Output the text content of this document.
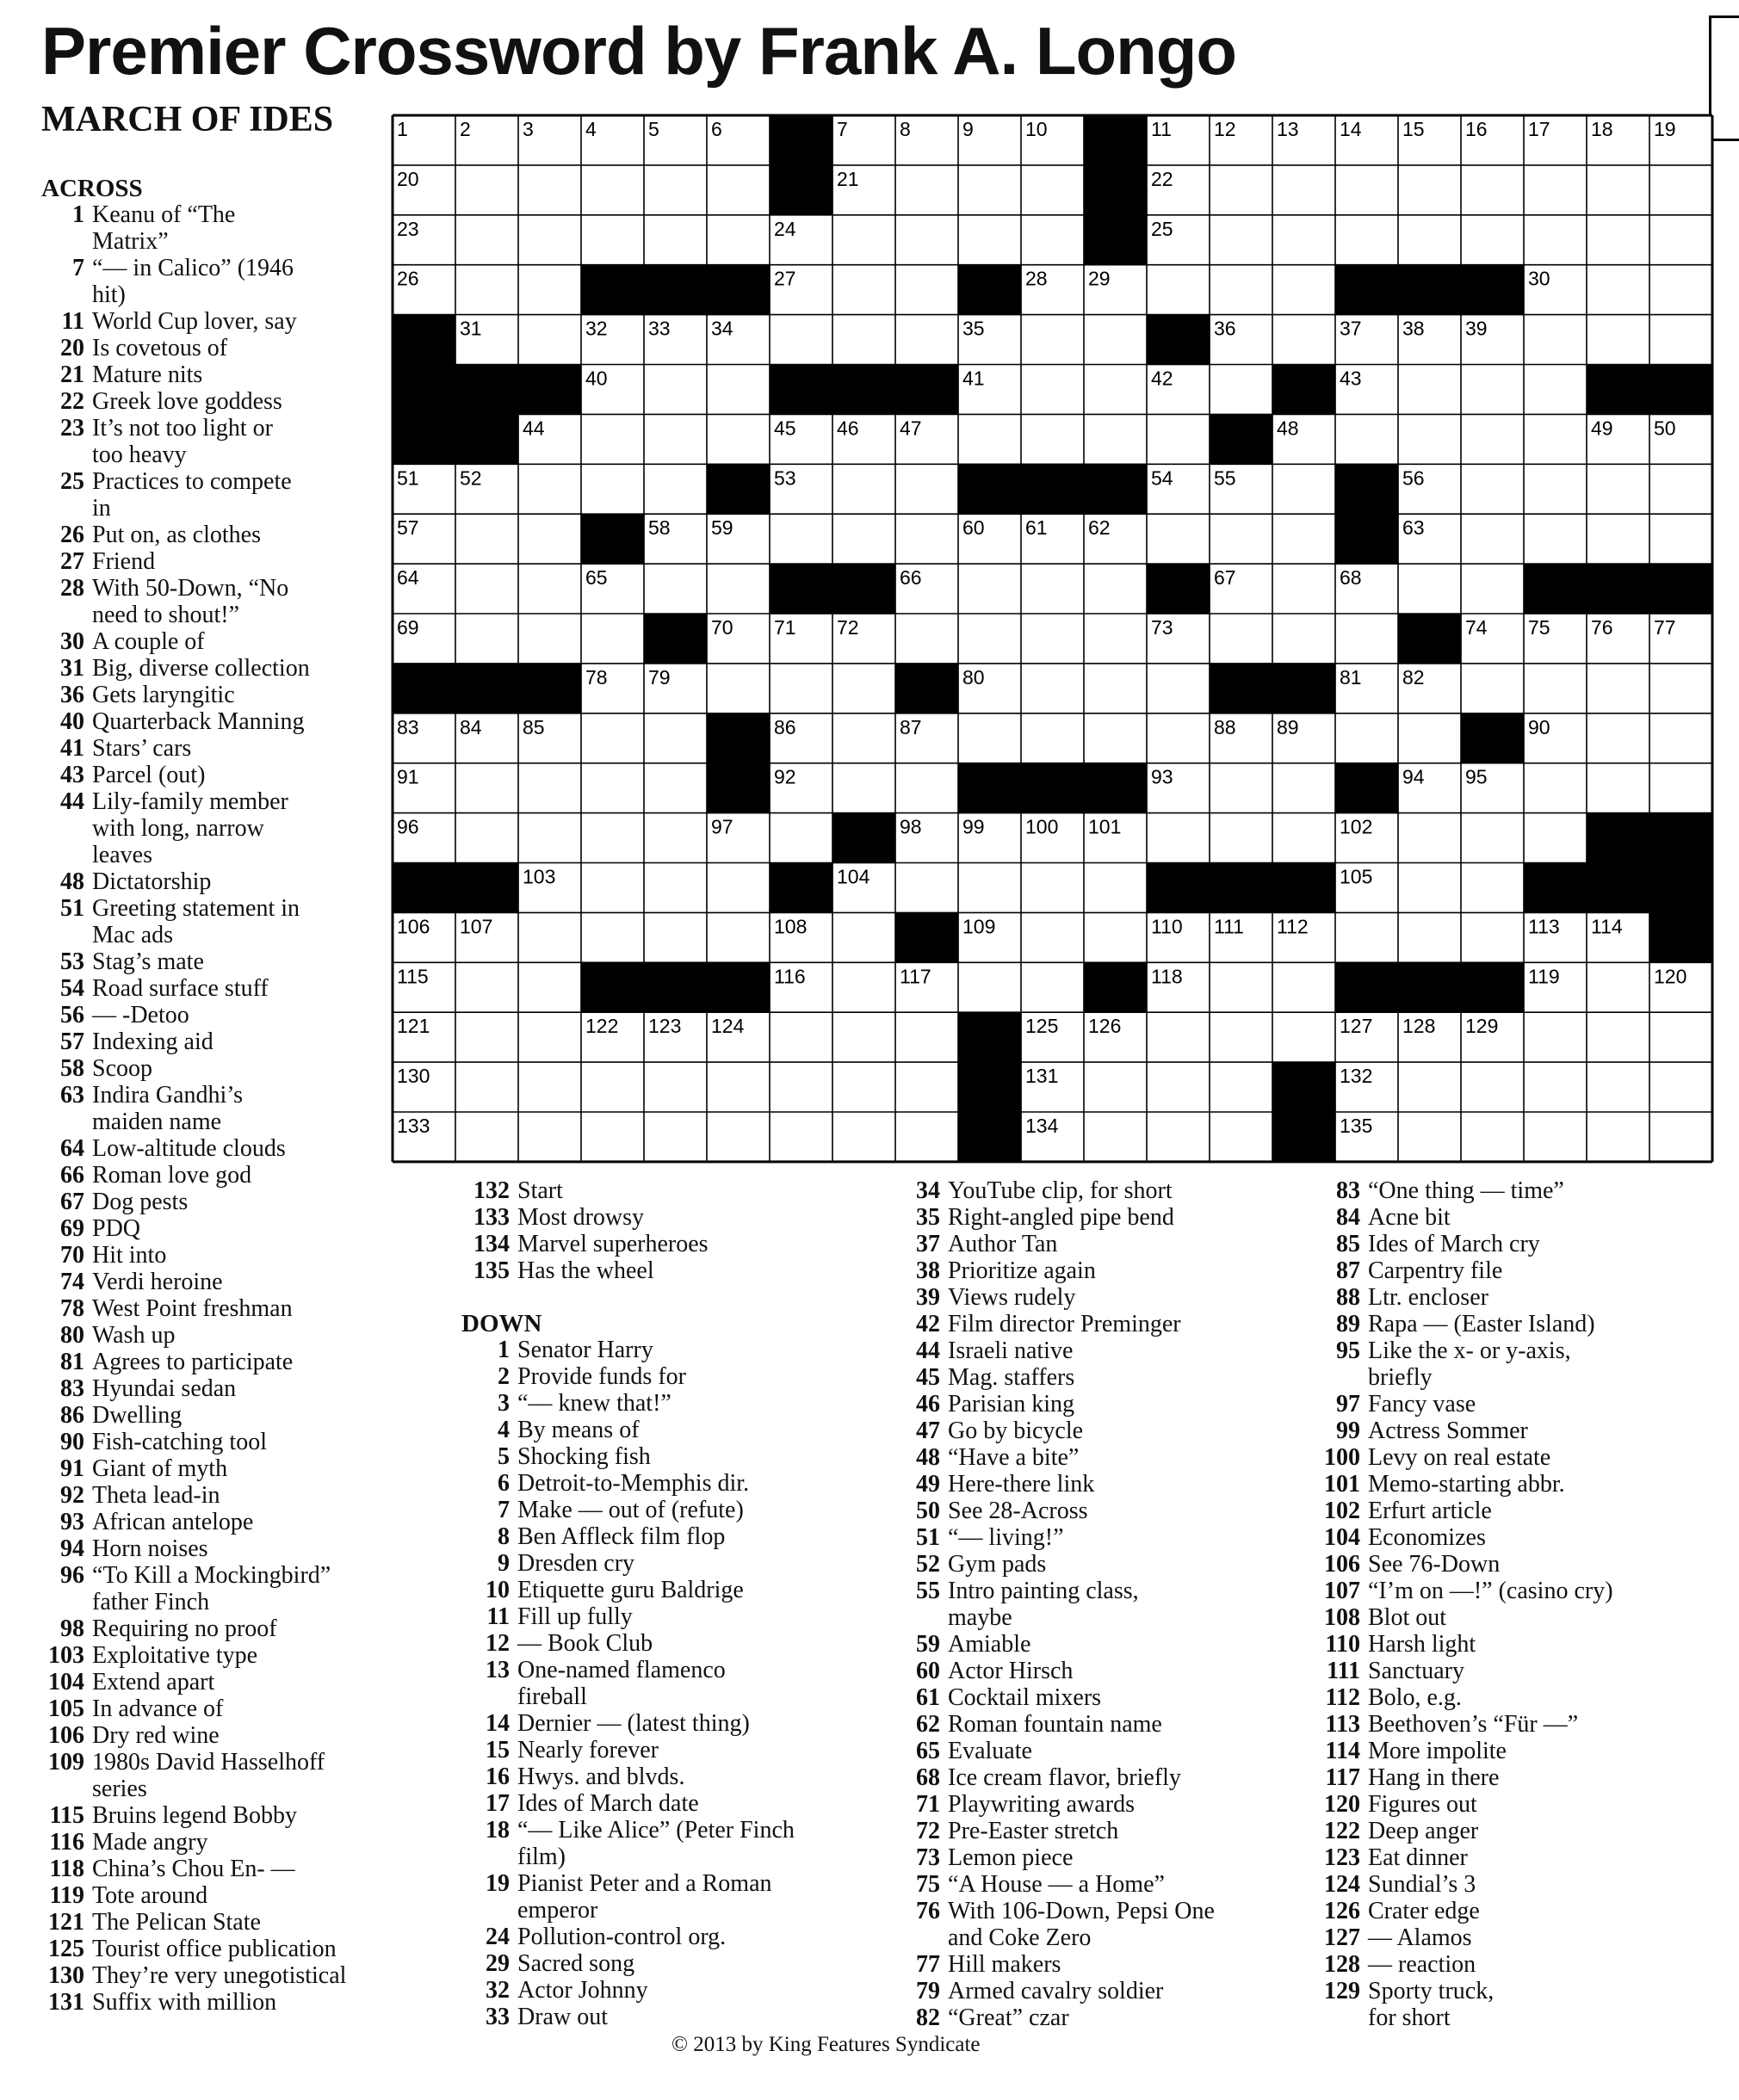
Premier Crossword by Frank A. Longo
MARCH OF IDES	1	2	3	4	5	6	7	8	9	10	11 12 13 14 15 16 17 18 19
20	21	22
23	24	25
26	27	28 29	30
31	32 33 34	35	36	37 38 39
40	41	42	43
44	45 46 47	48	49 50
51 52	53	54 55	56
57	58 59	60 61 62	63
64	65	66	67	68
69	70 71 72	73	74 75 76 77
78 79	80	81 82
83 84 85	86	87	88 89	90
91	92	93	94 95
96	97	98 99 100 101	102
103	104	105
106 107	108	109	110 111 112	113 114
115	116	117	118	119	120
121	122 123 124	125 126	127 128 129
130	131	132
133	134	135
ACROSS
1 Keanu of “The
Matrix”
7 “— in Calico” (1946
hit)
11 World Cup lover, say
20 Is covetous of
21 Mature nits
22 Greek love goddess
23 It’s not too light or
too heavy
25 Practices to compete
in
26 Put on, as clothes
27 Friend
28 With 50-Down, “No
need to shout!”
30 A couple of
31 Big, diverse collection
36 Gets laryngitic
40 Quarterback Manning
41 Stars’ cars
43 Parcel (out)
44 Lily-family member
with long, narrow
leaves
48 Dictatorship
51 Greeting statement in
Mac ads
53 Stag’s mate
54 Road surface stuff
56 — -Detoo
57 Indexing aid
58 Scoop
63 Indira Gandhi’s
maiden name
64 Low-altitude clouds
66 Roman love god
67 Dog pests
69 PDQ
70 Hit into
74 Verdi heroine
78 West Point freshman
80 Wash up
81 Agrees to participate
83 Hyundai sedan
86 Dwelling
90 Fish-catching tool
91 Giant of myth
92 Theta lead-in
93 African antelope
94 Horn noises
96 “To Kill a Mockingbird”
father Finch
98 Requiring no proof
103 Exploitative type
104 Extend apart
105 In advance of
106 Dry red wine
109 1980s David Hasselhoff
series
115 Bruins legend Bobby
116 Made angry
118 China’s Chou En- —
119 Tote around
121 The Pelican State
125 Tourist office publication
130 They’re very unegotistical
131 Suffix with million
132 Start
133 Most drowsy
134 Marvel superheroes
135 Has the wheel
DOWN
1 Senator Harry
2 Provide funds for
3 “— knew that!”
4 By means of
5 Shocking fish
6 Detroit-to-Memphis dir.
7 Make — out of (refute)
8 Ben Affleck film flop
9 Dresden cry
10 Etiquette guru Baldrige
11 Fill up fully
12 — Book Club
13 One-named flamenco
fireball
14 Dernier — (latest thing)
15 Nearly forever
16 Hwys. and blvds.
17 Ides of March date
18 “— Like Alice” (Peter Finch
film)
19 Pianist Peter and a Roman
emperor
24 Pollution-control org.
29 Sacred song
32 Actor Johnny
33 Draw out
34 YouTube clip, for short
35 Right-angled pipe bend
37 Author Tan
38 Prioritize again
39 Views rudely
42 Film director Preminger
44 Israeli native
45 Mag. staffers
46 Parisian king
47 Go by bicycle
48 “Have a bite”
49 Here-there link
50 See 28-Across
51 “— living!”
52 Gym pads
55 Intro painting class,
maybe
59 Amiable
60 Actor Hirsch
61 Cocktail mixers
62 Roman fountain name
65 Evaluate
68 Ice cream flavor, briefly
71 Playwriting awards
72 Pre-Easter stretch
73 Lemon piece
75 “A House — a Home”
76 With 106-Down, Pepsi One
and Coke Zero
77 Hill makers
79 Armed cavalry soldier
82 “Great” czar
83 “One thing — time”
84 Acne bit
85 Ides of March cry
87 Carpentry file
88 Ltr. encloser
89 Rapa — (Easter Island)
95 Like the x- or y-axis,
briefly
97 Fancy vase
99 Actress Sommer
100 Levy on real estate
101 Memo-starting abbr.
102 Erfurt article
104 Economizes
106 See 76-Down
107 “I’m on —!” (casino cry)
108 Blot out
110 Harsh light
111 Sanctuary
112 Bolo, e.g.
113 Beethoven’s “Für —”
114 More impolite
117 Hang in there
120 Figures out
122 Deep anger
123 Eat dinner
124 Sundial’s 3
126 Crater edge
127 — Alamos
128 — reaction
129 Sporty truck,
for short
© 2013 by King Features Syndicate
